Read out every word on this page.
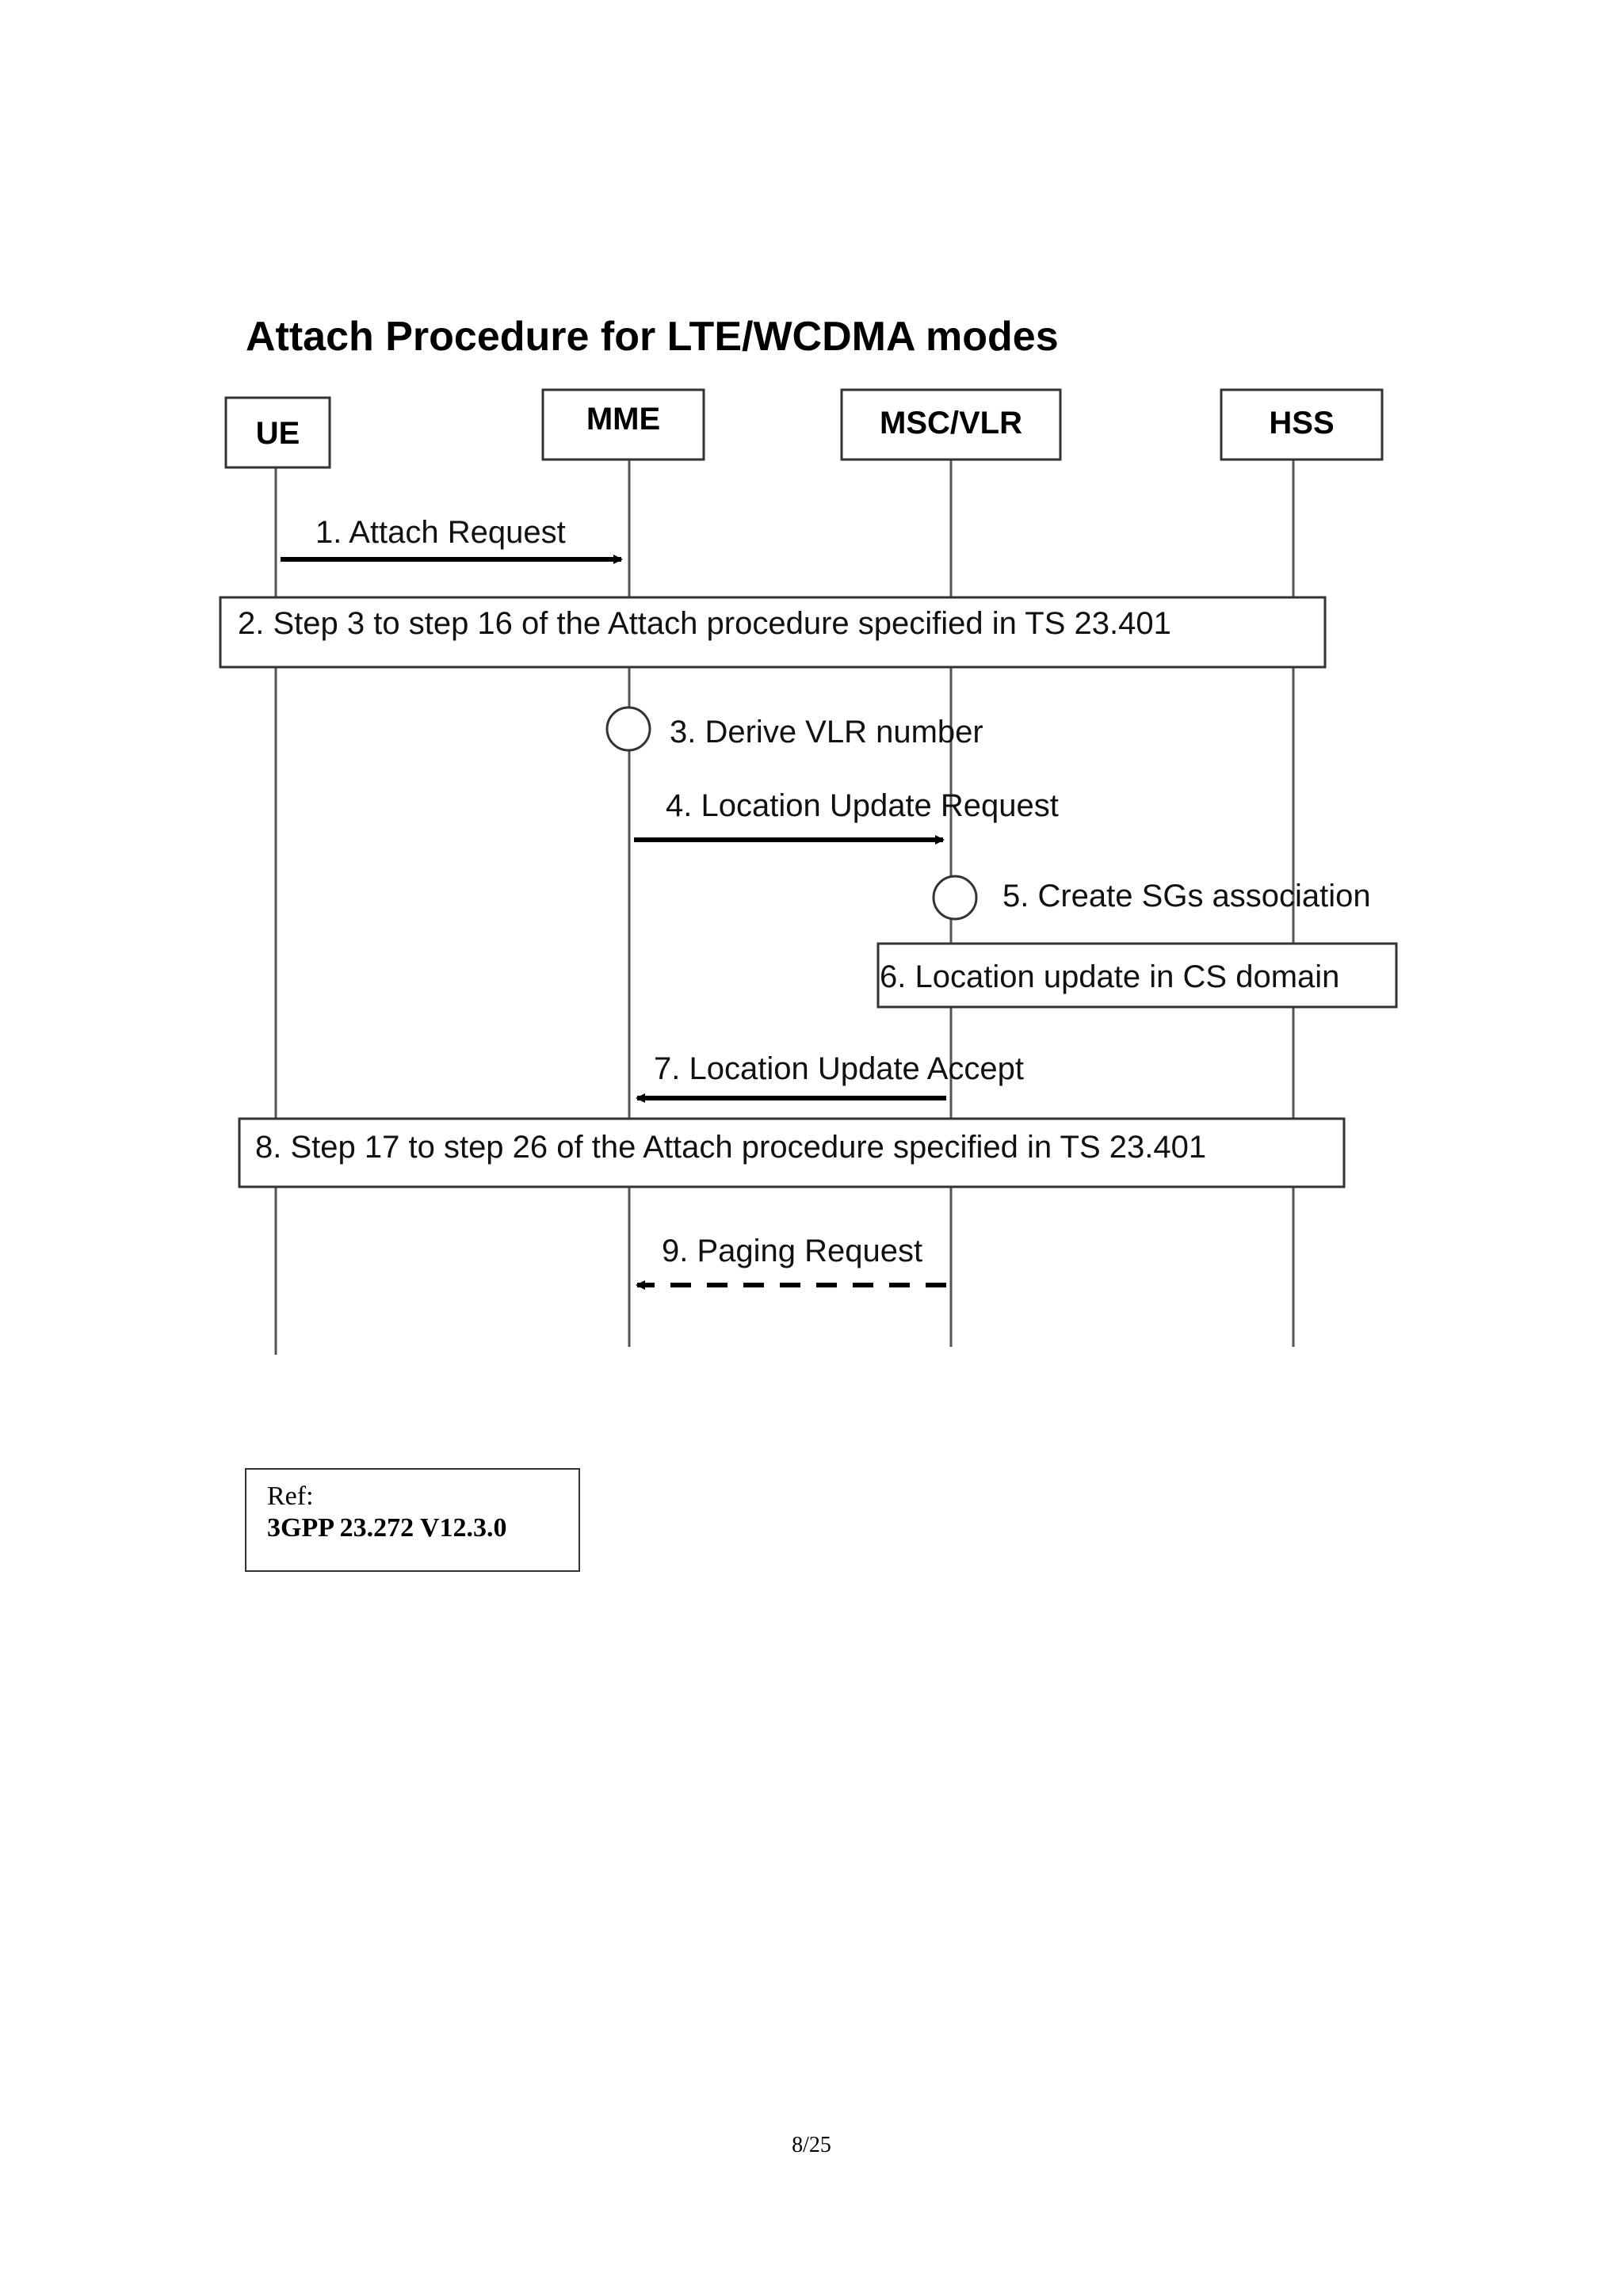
Attach Procedure for LTE/WCDMA modes
UE	MME	MSC/VLR	HSS
1. Attach Request
2. Step 3 to step 16 of the Attach procedure specified in TS 23.401
3. Derive VLR number
4. Location Update Request
5. Create SGs association
6. Location update in CS domain
7. Location Update Accept
8. Step 17 to step 26 of the Attach procedure specified in TS 23.401
9. Paging Request
Ref:
3GPP 23.272 V12.3.0
8/25
